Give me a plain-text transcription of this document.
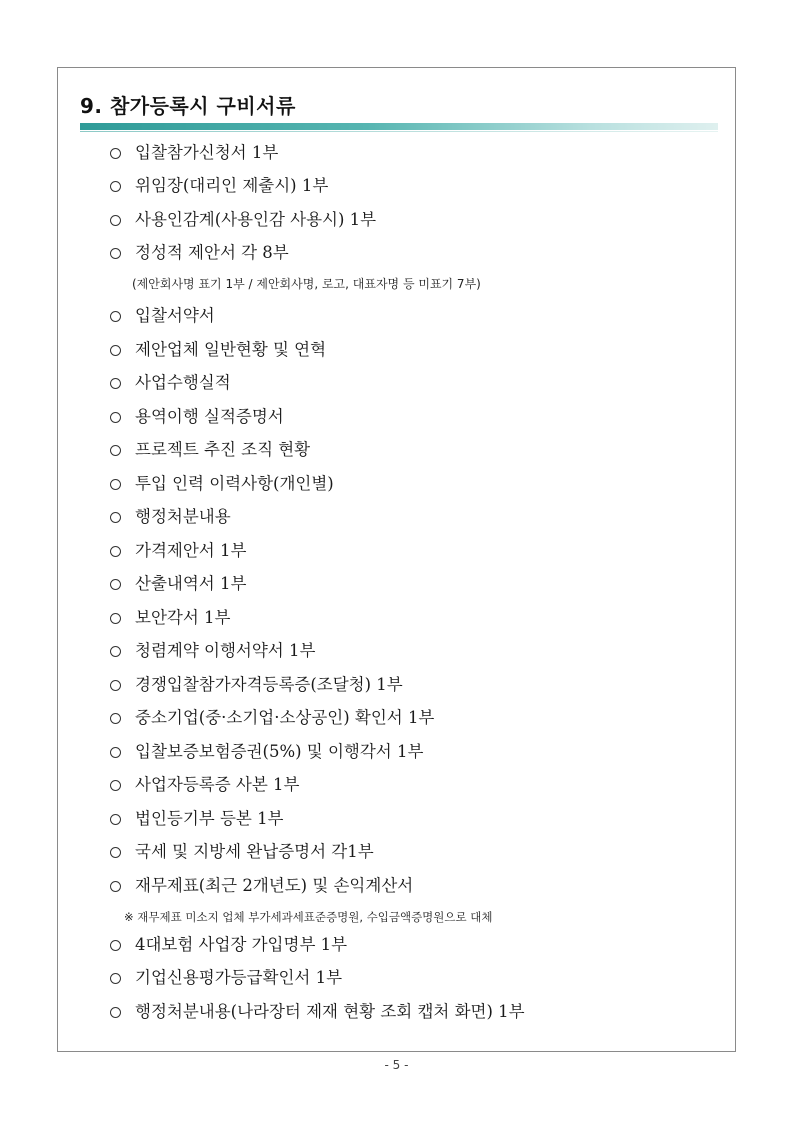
9. 참가등록시 구비서류
입찰참가신청서 1부
위임장(대리인 제출시) 1부
사용인감계(사용인감 사용시) 1부
정성적 제안서 각 8부
(제안회사명 표기 1부 / 제안회사명, 로고, 대표자명 등 미표기 7부)
입찰서약서
제안업체 일반현황 및 연혁
사업수행실적
용역이행 실적증명서
프로젝트 추진 조직 현황
투입 인력 이력사항(개인별)
행정처분내용
가격제안서 1부
산출내역서 1부
보안각서 1부
청렴계약 이행서약서 1부
경쟁입찰참가자격등록증(조달청) 1부
중소기업(중·소기업·소상공인) 확인서 1부
입찰보증보험증권(5%) 및 이행각서 1부
사업자등록증 사본 1부
법인등기부 등본 1부
국세 및 지방세 완납증명서 각1부
재무제표(최근 2개년도) 및 손익계산서
※ 재무제표 미소지 업체 부가세과세표준증명원, 수입금액증명원으로 대체
4대보험 사업장 가입명부 1부
기업신용평가등급확인서 1부
행정처분내용(나라장터 제재 현황 조회 캡처 화면) 1부
- 5 -
